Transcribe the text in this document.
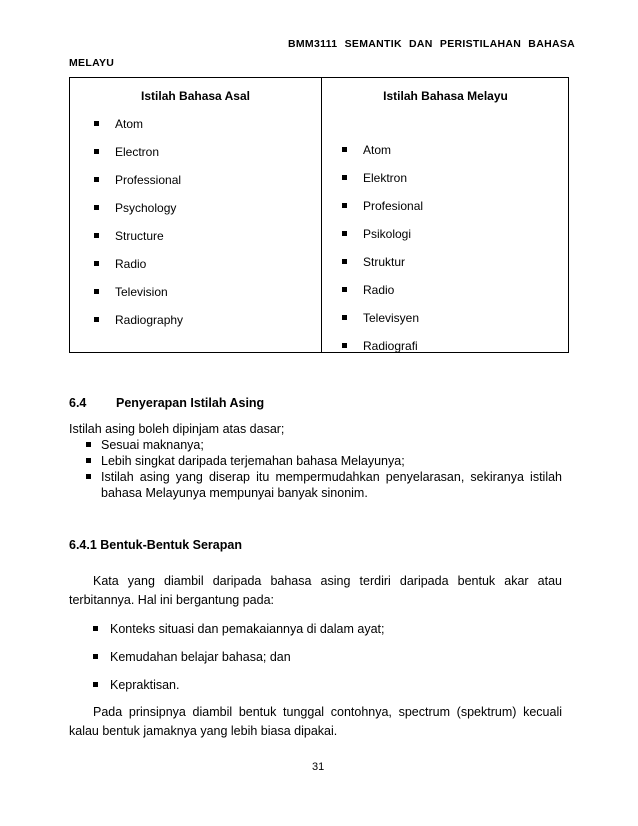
BMM3111 SEMANTIK DAN PERISTILAHAN BAHASA
MELAYU
Istilah Bahasa Asal	Istilah Bahasa Melayu
Atom
Electron
Professional
Psychology
Structure
Radio
Television
Radiography
Atom
Elektron
Profesional
Psikologi
Struktur
Radio
Televisyen
Radiografi
6.4 Penyerapan Istilah Asing
Istilah asing boleh dipinjam atas dasar;
Sesuai maknanya;
Lebih singkat daripada terjemahan bahasa Melayunya;
Istilah asing yang diserap itu mempermudahkan penyelarasan, sekiranya istilah bahasa Melayunya mempunyai banyak sinonim.
6.4.1 Bentuk-Bentuk Serapan
Kata yang diambil daripada bahasa asing terdiri daripada bentuk akar atau terbitannya. Hal ini bergantung pada:
Konteks situasi dan pemakaiannya di dalam ayat;
Kemudahan belajar bahasa; dan
Kepraktisan.
Pada prinsipnya diambil bentuk tunggal contohnya, spectrum (spektrum) kecuali kalau bentuk jamaknya yang lebih biasa dipakai.
31
